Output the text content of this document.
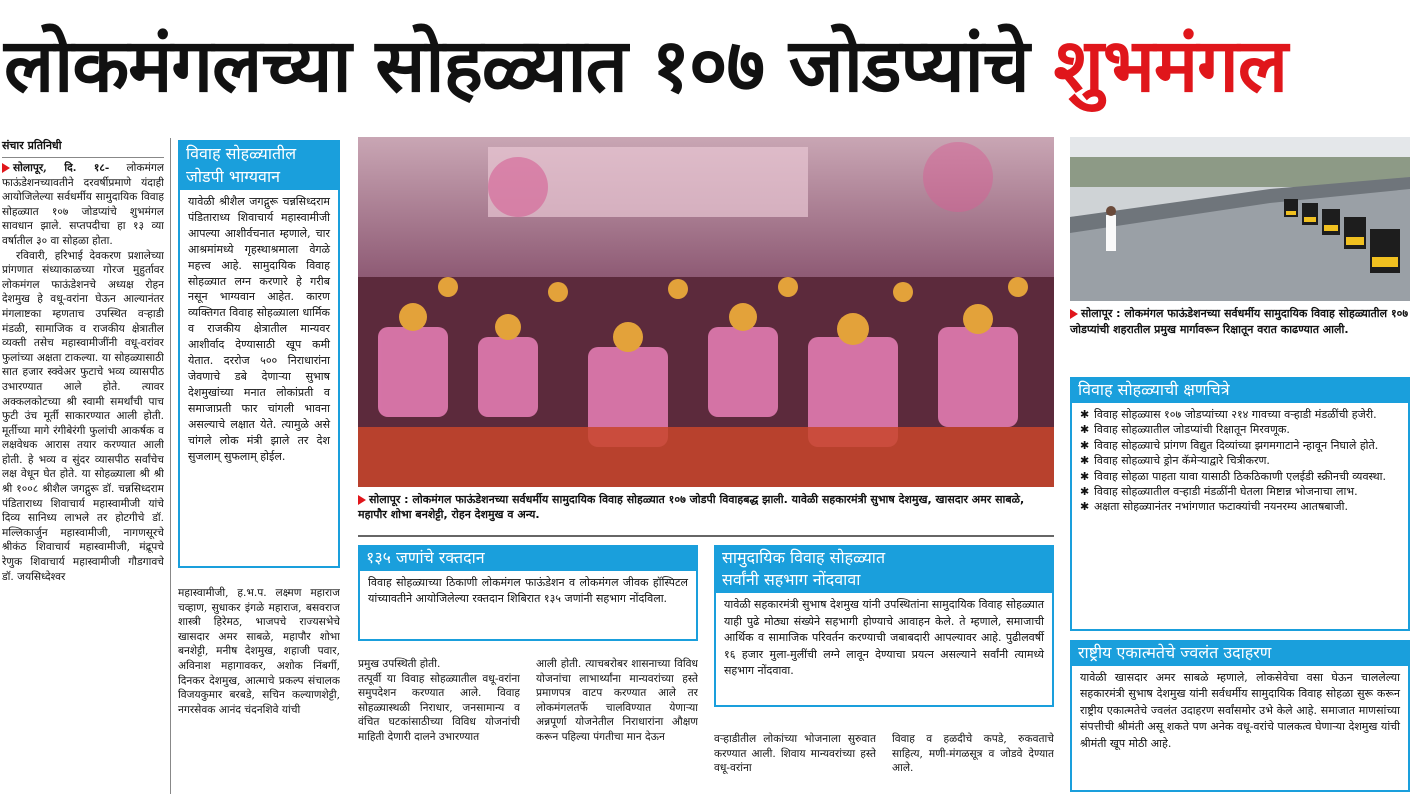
लोकमंगलच्या सोहळ्यात १०७ जोडप्यांचे शुभमंगल
संचार प्रतिनिधी

सोलापूर, दि. १८- लोकमंगल फाऊंडेशनच्यावतीने दरवर्षीप्रमाणे यंदाही आयोजिलेल्या सर्वधर्मीय सामुदायिक विवाह सोहळ्यात १०७ जोडप्यांचे शुभमंगल सावधान झाले. सप्तपदीचा हा १३ व्या वर्षातील ३० वा सोहळा होता.

रविवारी, हरिभाई देवकरण प्रशालेच्या प्रांगणात संध्याकाळच्या गोरज मुहुर्तावर लोकमंगल फाऊंडेशनचे अध्यक्ष रोहन देशमुख हे वधू-वरांना घेऊन आल्यानंतर मंगलाष्टका म्हणताच उपस्थित वऱ्हाडी मंडळी, सामाजिक व राजकीय क्षेत्रातील व्यक्ती तसेच महास्वामीजींनी वधू-वरांवर फुलांच्या अक्षता टाकल्या. या सोहळ्यासाठी सात हजार स्क्वेअर फुटाचे भव्य व्यासपीठ उभारण्यात आले होते. त्यावर अक्कलकोटच्या श्री स्वामी समर्थांची पाच फुटी उंच मूर्ती साकारण्यात आली होती. मूर्तीच्या मागे रंगीबेरंगी फुलांची आकर्षक व लक्षवेधक आरास तयार करण्यात आली होती. हे भव्य व सुंदर व्यासपीठ सर्वांचेच लक्ष वेधून घेत होते. या सोहळ्याला श्री श्री श्री १००८ श्रीशैल जगद्गुरू डॉ. चन्नसिध्दराम पंडिताराध्य शिवाचार्य महास्वामीजी यांचे दिव्य सानिध्य लाभले तर होटगीचे डॉ. मल्लिकार्जुन महास्वामीजी, नागणसूरचे श्रीकंठ शिवाचार्य महास्वामीजी, मंद्रूपचे रेणुक शिवाचार्य महास्वामीजी गौडगावचे डॉ. जयसिध्देश्वर

विवाह सोहळ्यातील
जोडपी भाग्यवान
यावेळी श्रीशैल जगद्गुरू चन्नसिध्दराम पंडिताराध्य शिवाचार्य महास्वामीजी आपल्या आशीर्वचनात म्हणाले, चार आश्रमांमध्ये गृहस्थाश्रमाला वेगळे महत्त्व आहे. सामुदायिक विवाह सोहळ्यात लग्न करणारे हे गरीब नसून भाग्यवान आहेत. कारण व्यक्तिगत विवाह सोहळ्याला धार्मिक व राजकीय क्षेत्रातील मान्यवर आशीर्वाद देण्यासाठी खूप कमी येतात. दररोज ५०० निराधारांना जेवणाचे डबे देणाऱ्या सुभाष देशमुखांच्या मनात लोकांप्रती व समाजाप्रती फार चांगली भावना असल्याचे लक्षात येते. त्यामुळे असे चांगले लोक मंत्री झाले तर देश सुजलाम् सुफलाम् होईल.
महास्वामीजी, ह.भ.प. लक्ष्मण महाराज चव्हाण, सुधाकर इंगळे महाराज, बसवराज शास्त्री हिरेमठ, भाजपचे राज्यसभेचे खासदार अमर साबळे, महापौर शोभा बनशेट्टी, मनीष देशमुख, शहाजी पवार, अविनाश महागावकर, अशोक निंबर्गी, दिनकर देशमुख, आत्माचे प्रकल्प संचालक विजयकुमार बरबडे, सचिन कल्याणशेट्टी, नगरसेवक आनंद चंदनशिवे यांची
सोलापूर : लोकमंगल फाऊंडेशनच्या सर्वधर्मीय सामुदायिक विवाह सोहळ्यात १०७ जोडपी विवाहबद्ध झाली. यावेळी सहकारमंत्री सुभाष देशमुख, खासदार अमर साबळे, महापौर शोभा बनशेट्टी, रोहन देशमुख व अन्य.
१३५ जणांचे रक्तदान
विवाह सोहळ्याच्या ठिकाणी लोकमंगल फाऊंडेशन व लोकमंगल जीवक हॉस्पिटल यांच्यावतीने आयोजिलेल्या रक्तदान शिबिरात १३५ जणांनी सहभाग नोंदविला.
प्रमुख उपस्थिती होती.
तत्पूर्वी या विवाह सोहळ्यातील वधू-वरांना समुपदेशन करण्यात आले. विवाह सोहळ्यास्थळी निराधार, जनसामान्य व वंचित घटकांसाठीच्या विविध योजनांची माहिती देणारी दालने उभारण्यात
आली होती. त्याचबरोबर शासनाच्या विविध योजनांचा लाभार्थ्यांना मान्यवरांच्या हस्ते प्रमाणपत्र वाटप करण्यात आले तर लोकमंगलतर्फे चालविण्यात येणाऱ्या अन्नपूर्णा योजनेतील निराधारांना औक्षण करून पहिल्या पंगतीचा मान देऊन
सामुदायिक विवाह सोहळ्यात
सर्वांनी सहभाग नोंदवावा
यावेळी सहकारमंत्री सुभाष देशमुख यांनी उपस्थितांना सामुदायिक विवाह सोहळ्यात याही पुढे मोठ्या संख्येने सहभागी होण्याचे आवाहन केले. ते म्हणाले, समाजाची आर्थिक व सामाजिक परिवर्तन करण्याची जबाबदारी आपल्यावर आहे. पुढीलवर्षी १६ हजार मुला-मुलींची लग्ने लावून देण्याचा प्रयत्न असल्याने सर्वांनी त्यामध्ये सहभाग नोंदवावा.
वऱ्हाडीतील लोकांच्या भोजनाला सुरुवात करण्यात आली. शिवाय मान्यवरांच्या हस्ते वधू-वरांना
विवाह व हळदीचे कपडे, रुकवताचे साहित्य, मणी-मंगळसूत्र व जोडवे देण्यात आले.
सोलापूर : लोकमंगल फाऊंडेशनच्या सर्वधर्मीय सामुदायिक विवाह सोहळ्यातील १०७ जोडप्यांची शहरातील प्रमुख मार्गावरून रिक्षातून वरात काढण्यात आली.
विवाह सोहळ्याची क्षणचित्रे
✱ विवाह सोहळ्यास १०७ जोडप्यांच्या २१४ गावच्या वऱ्हाडी मंडळींची हजेरी.
✱ विवाह सोहळ्यातील जोडप्यांची रिक्षातून मिरवणूक.
✱ विवाह सोहळ्याचे प्रांगण विद्युत दिव्यांच्या झगमगाटाने न्हावून निघाले होते.
✱ विवाह सोहळ्याचे ड्रोन कॅमेऱ्याद्वारे चित्रीकरण.
✱ विवाह सोहळा पाहता यावा यासाठी ठिकठिकाणी एलईडी स्क्रीनची व्यवस्था.
✱ विवाह सोहळ्यातील वऱ्हाडी मंडळींनी घेतला मिष्टान्न भोजनाचा लाभ.
✱ अक्षता सोहळ्यानंतर नभांगणात फटाक्यांची नयनरम्य आतषबाजी.
राष्ट्रीय एकात्मतेचे ज्वलंत उदाहरण
यावेळी खासदार अमर साबळे म्हणाले, लोकसेवेचा वसा घेऊन चाललेल्या सहकारमंत्री सुभाष देशमुख यांनी सर्वधर्मीय सामुदायिक विवाह सोहळा सुरू करून राष्ट्रीय एकात्मतेचे ज्वलंत उदाहरण सर्वांसमोर उभे केले आहे. समाजात माणसांच्या संपत्तीची श्रीमंती असू शकते पण अनेक वधू-वरांचे पालकत्व घेणाऱ्या देशमुख यांची श्रीमंती खूप मोठी आहे.
